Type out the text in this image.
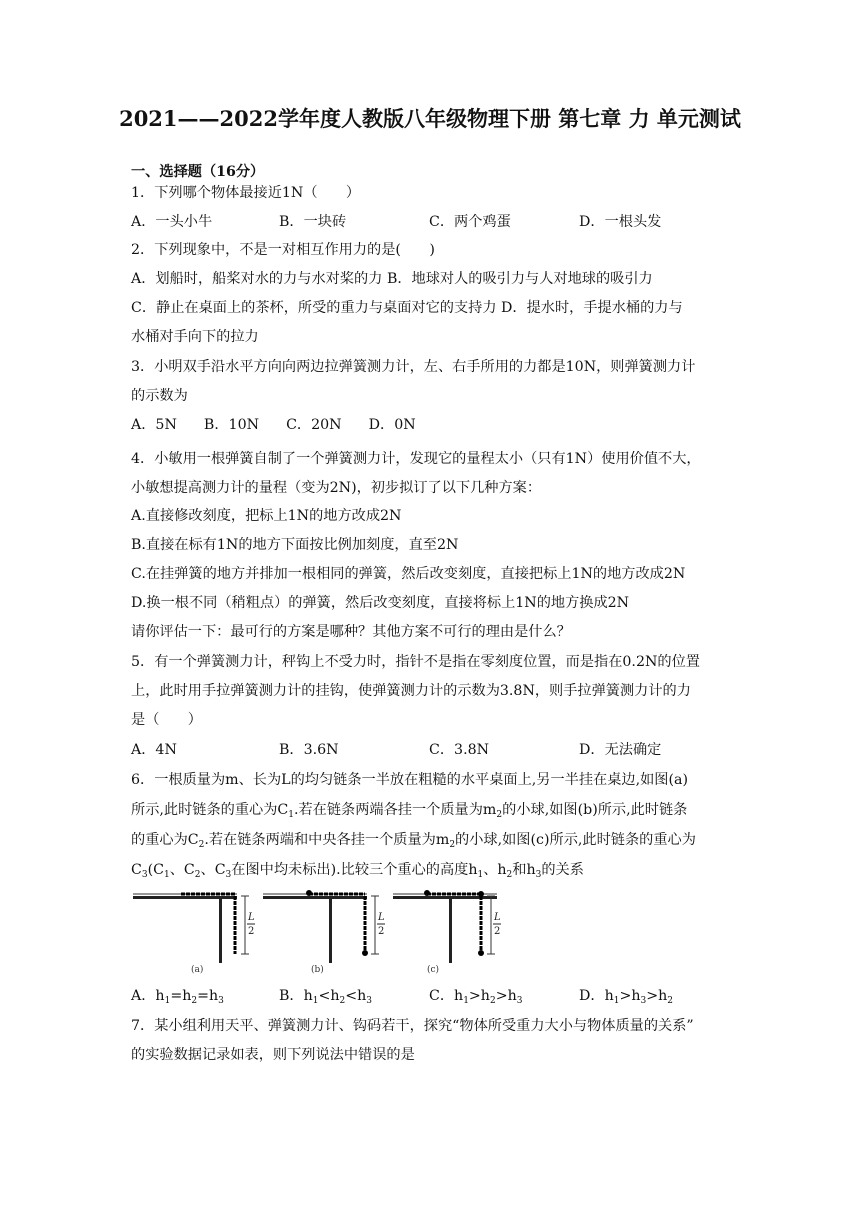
2021——2022学年度人教版八年级物理下册 第七章 力 单元测试
一、选择题（16分）
1．下列哪个物体最接近1N（　　）
A．一头小牛	B．一块砖	C．两个鸡蛋	D．一根头发
2．下列现象中，不是一对相互作用力的是(　　)
A．划船时，船桨对水的力与水对桨的力 B．地球对人的吸引力与人对地球的吸引力
C．静止在桌面上的茶杯，所受的重力与桌面对它的支持力 D．提水时，手提水桶的力与
水桶对手向下的拉力
3．小明双手沿水平方向向两边拉弹簧测力计，左、右手所用的力都是10N，则弹簧测力计
的示数为
A．5N      B．10N      C．20N      D．0N
4．小敏用一根弹簧自制了一个弹簧测力计，发现它的量程太小（只有1N）使用价值不大，
小敏想提高测力计的量程（变为2N)，初步拟订了以下几种方案：
A.直接修改刻度，把标上1N的地方改成2N
B.直接在标有1N的地方下面按比例加刻度，直至2N
C.在挂弹簧的地方并排加一根相同的弹簧，然后改变刻度，直接把标上1N的地方改成2N
D.换一根不同（稍粗点）的弹簧，然后改变刻度，直接将标上1N的地方换成2N
请你评估一下：最可行的方案是哪种？其他方案不可行的理由是什么？
5．有一个弹簧测力计，秤钩上不受力时，指针不是指在零刻度位置，而是指在0.2N的位置
上，此时用手拉弹簧测力计的挂钩，使弹簧测力计的示数为3.8N，则手拉弹簧测力计的力
是（　　）
A．4N	B．3.6N	C．3.8N	D．无法确定
6．一根质量为m、长为L的均匀链条一半放在粗糙的水平桌面上,另一半挂在桌边,如图(a)
所示,此时链条的重心为$C_1$.若在链条两端各挂一个质量为$m_2$的小球,如图(b)所示,此时链条
的重心为$C_2$.若在链条两端和中央各挂一个质量为$m_2$的小球,如图(c)所示,此时链条的重心为
$C_3(C_1$、$C_2$、$C_3$在图中均未标出).比较三个重心的高度$h_1$、$h_2$和$h_3$的关系
(a)
L
2
(b)
L
2
(c)
L
2
A．$h_1=h_2=h_3$	B．$h_1<h_2<h_3$	C．$h_1>h_2>h_3$	D．$h_1>h_3>h_2$
7．某小组利用天平、弹簧测力计、钩码若干，探究“物体所受重力大小与物体质量的关系”
的实验数据记录如表，则下列说法中错误的是
